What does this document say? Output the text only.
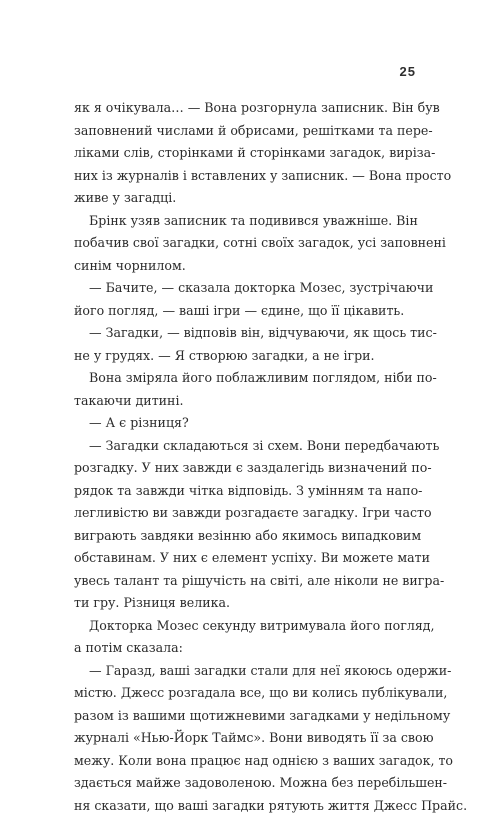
25
як я очікувала… — Вона розгорнула записник. Він був
заповнений числами й обрисами, решітками та пере-
ліками слів, сторінками й сторінками загадок, вирiза-
них із журналів і вставлених у записник. — Вона просто
живе у загадці.
Брінк узяв записник та подивився уважніше. Він
побачив свої загадки, сотні своїх загадок, усі заповнені
синім чорнилом.
— Бачите, — сказала докторка Мозес, зустрічаючи
його погляд, — ваші ігри — єдине, що її цікавить.
— Загадки, — відповів він, відчуваючи, як щось тис-
не у грудях. — Я створюю загадки, а не ігри.
Вона зміряла його поблажливим поглядом, ніби по-
такаючи дитині.
— А є різниця?
— Загадки складаються зі схем. Вони передбачають
розгадку. У них завжди є заздалегідь визначений по-
рядок та завжди чітка відповідь. З умінням та напо-
легливістю ви завжди розгадаєте загадку. Ігри часто
виграють завдяки везінню або якимось випадковим
обставинам. У них є елемент успіху. Ви можете мати
увесь талант та рішучість на світі, але ніколи не вигра-
ти гру. Різниця велика.
Докторка Мозес секунду витримувала його погляд,
а потім сказала:
— Гаразд, ваші загадки стали для неї якоюсь одержи-
містю. Джесс розгадала все, що ви колись публікували,
разом із вашими щотижневими загадками у недільному
журналі «Нью-Йорк Таймс». Вони виводять її за свою
межу. Коли вона працює над однією з ваших загадок, то
здається майже задоволеною. Можна без перебільшен-
ня сказати, що ваші загадки рятують життя Джесс Прайс.
